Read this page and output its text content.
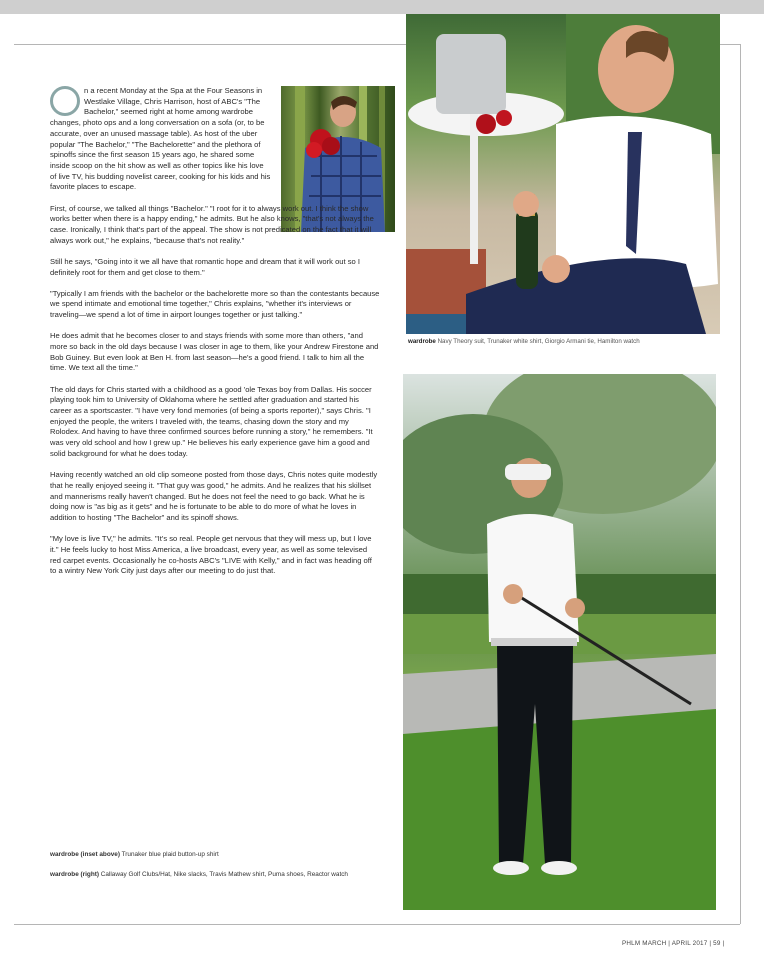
wardrobe Navy Theory suit, Trunaker white shirt, Giorgio Armani tie, Hamilton watch

n a recent Monday at the Spa at the Four Seasons in Westlake Village, Chris Harrison, host of ABC's "The Bachelor," seemed right at home among wardrobe changes, photo ops and a long conversation on a sofa (or, to be accurate, over an unused massage table). As host of the uber popular "The Bachelor," "The Bachelorette" and the plethora of spinoffs since the first season 15 years ago, he shared some inside scoop on the hit show as well as other topics like his love of live TV, his budding novelist career, cooking for his kids and his favorite places to escape.

First, of course, we talked all things "Bachelor." "I root for it to always work out. I think the show works better when there is a happy ending," he admits. But he also knows, "that's not always the case. Ironically, I think that's part of the appeal. The show is not predicated on the fact that it will always work out," he explains, "because that's not reality."

Still he says, "Going into it we all have that romantic hope and dream that it will work out so I definitely root for them and get close to them."

"Typically I am friends with the bachelor or the bachelorette more so than the contestants because we spend intimate and emotional time together," Chris explains, "whether it's interviews or traveling—we spend a lot of time in airport lounges together or just talking."

He does admit that he becomes closer to and stays friends with some more than others, "and more so back in the old days because I was closer in age to them, like your Andrew Firestone and Bob Guiney. But even look at Ben H. from last season—he's a good friend. I talk to him all the time. We text all the time."

The old days for Chris started with a childhood as a good 'ole Texas boy from Dallas. His soccer playing took him to University of Oklahoma where he settled after graduation and started his career as a sportscaster. "I have very fond memories (of being a sports reporter)," says Chris. "I enjoyed the people, the writers I traveled with, the teams, chasing down the story and my Rolodex. And having to have three confirmed sources before running a story," he remembers. "It was very old school and how I grew up." He believes his early experience gave him a good and solid background for what he does today.

Having recently watched an old clip someone posted from those days, Chris notes quite modestly that he really enjoyed seeing it. "That guy was good," he admits. And he realizes that his skillset and mannerisms really haven't changed. But he does not feel the need to go back. What he is doing now is "as big as it gets" and he is fortunate to be able to do more of what he loves in addition to hosting "The Bachelor" and its spinoff shows.

"My love is live TV," he admits. "It's so real. People get nervous that they will mess up, but I love it." He feels lucky to host Miss America, a live broadcast, every year, as well as some televised red carpet events. Occasionally he co-hosts ABC's "LIVE with Kelly," and in fact was heading off to a wintry New York City just days after our meeting to do just that.

wardrobe (inset above) Trunaker blue plaid button-up shirt

wardrobe (right) Callaway Golf Clubs/Hat, Nike slacks, Travis Mathew shirt, Puma shoes, Reactor watch

PHLM MARCH | APRIL 2017 | 59 |
